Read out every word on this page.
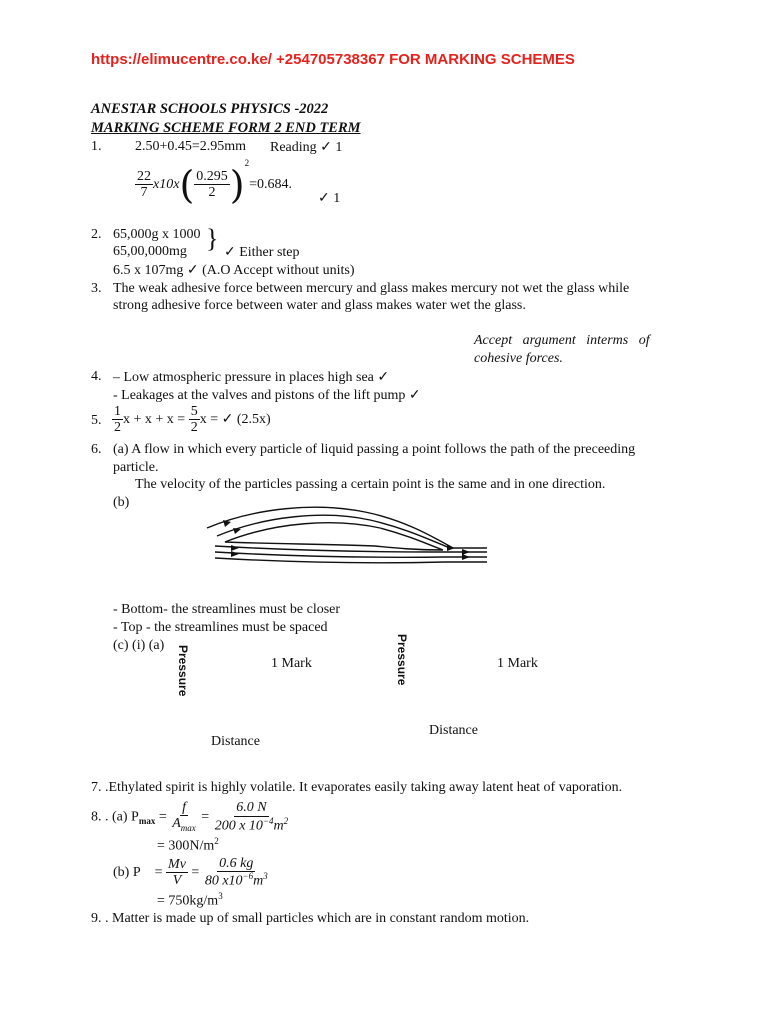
https://elimucentre.co.ke/ +254705738367 FOR MARKING SCHEMES
ANESTAR SCHOOLS PHYSICS -2022
MARKING SCHEME FORM 2 END TERM
1. 2.50+0.45=2.95mm Reading ✓ 1
$\frac{22}{7} x10x( \frac{0.295}{2} )^2=0.684$.
✓ 1
2. 65,000g x 1000
65,00,000mg } ✓ Either step
6.5 x 107mg ✓ (A.O Accept without units)
3. The weak adhesive force between mercury and glass makes mercury not wet the glass while
strong adhesive force between water and glass makes water wet the glass.
Accept   argument   interms   of
cohesive forces.
4. – Low atmospheric pressure in places high sea ✓
- Leakages at the valves and pistons of the lift pump ✓
5. $\frac{1}{2}$ $x + x + x = \frac{5}{2}$ x = ✓ (2.5x)
6. (a) A flow in which every particle of liquid passing a point follows the path of the preceeding
particle.
The velocity of the particles passing a certain point is the same and in one direction.
(b)
- Bottom- the streamlines must be closer
- Top - the streamlines must be spaced
(c) (i) (a) Pressure	1 Mark
Distance
Pressure	1 Mark
Distance
7. .Ethylated spirit is highly volatile. It evaporates easily taking away latent heat of vaporation.
8. . (a) $P_{max} = \frac{f}{A_{max}} = \frac{6.0 N}{200 x 10^{-4}m^2}$
= $300N/m^2$
(b) $P = \frac{Mv}{V} = \frac{0.6 kg}{80 x10^{-6}m^3}$
= $750kg/m^3$
9. . Matter is made up of small particles which are in constant random motion.
